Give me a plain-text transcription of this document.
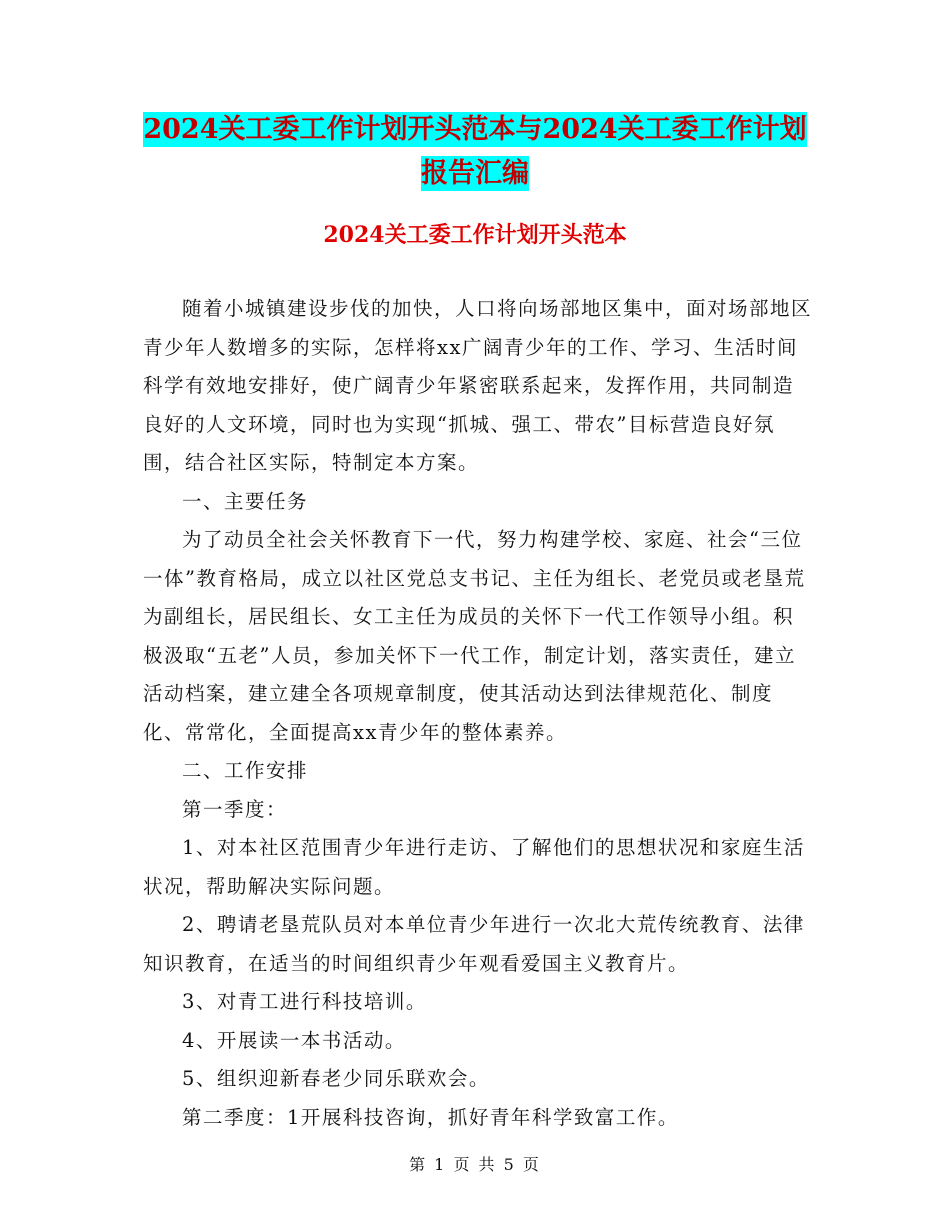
2024关工委工作计划开头范本与2024关工委工作计划
报告汇编
2024关工委工作计划开头范本

随着小城镇建设步伐的加快，人口将向场部地区集中，面对场部地区青少年人数增多的实际，怎样将xx广阔青少年的工作、学习、生活时间科学有效地安排好，使广阔青少年紧密联系起来，发挥作用，共同制造良好的人文环境，同时也为实现“抓城、强工、带农”目标营造良好氛围，结合社区实际，特制定本方案。

一、主要任务

为了动员全社会关怀教育下一代，努力构建学校、家庭、社会“三位一体”教育格局，成立以社区党总支书记、主任为组长、老党员或老垦荒为副组长，居民组长、女工主任为成员的关怀下一代工作领导小组。积极汲取“五老”人员，参加关怀下一代工作，制定计划，落实责任，建立活动档案，建立建全各项规章制度，使其活动达到法律规范化、制度化、常常化，全面提高xx青少年的整体素养。

二、工作安排

第一季度：

1、对本社区范围青少年进行走访、了解他们的思想状况和家庭生活状况，帮助解决实际问题。

2、聘请老垦荒队员对本单位青少年进行一次北大荒传统教育、法律知识教育，在适当的时间组织青少年观看爱国主义教育片。

3、对青工进行科技培训。

4、开展读一本书活动。

5、组织迎新春老少同乐联欢会。

第二季度：1开展科技咨询，抓好青年科学致富工作。

第 1 页 共 5 页
